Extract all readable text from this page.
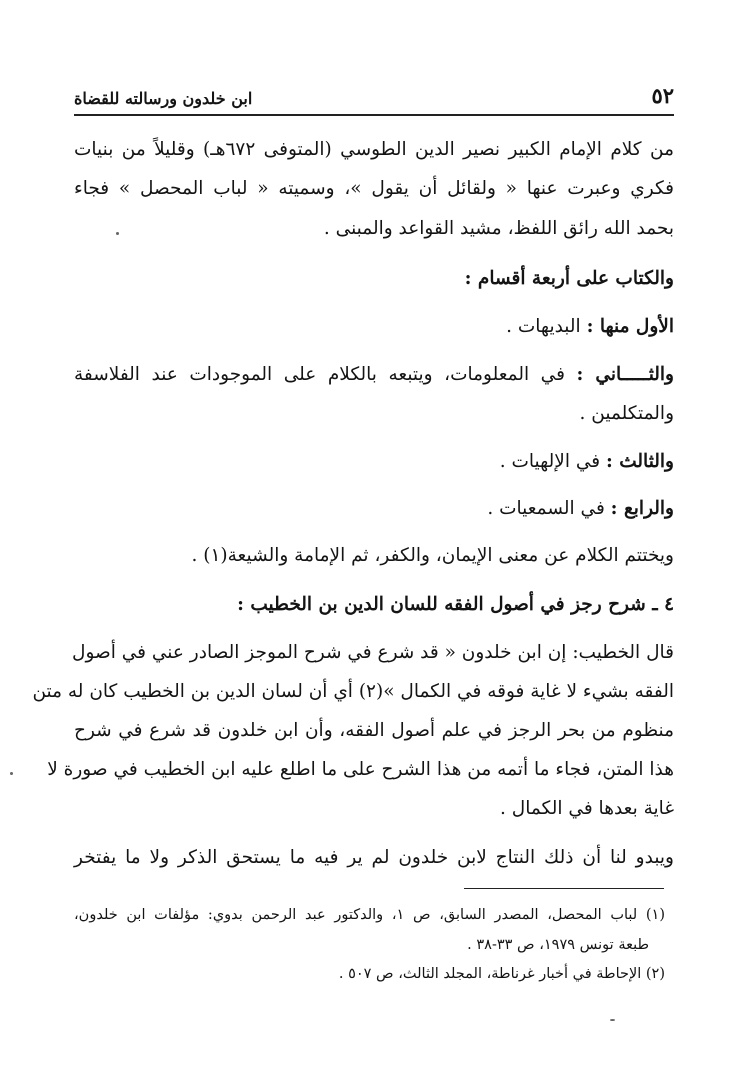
٥٢
ابن خلدون ورسالته للقضاة
من كلام الإمام الكبير نصير الدين الطوسي (المتوفى ٦٧٢هـ) وقليلاً من بنيات
فكري وعبرت عنها « ولقائل أن يقول »، وسميته « لباب المحصل » فجاء
بحمد الله رائق اللفظ، مشيد القواعد والمبنى .
والكتاب على أربعة أقسام :
الأول منها : البديهات .
والثـــــاني : في المعلومات، ويتبعه بالكلام على الموجودات عند الفلاسفة
والمتكلمين .
والثالث : في الإلهيات .
والرابع : في السمعيات .
ويختتم الكلام عن معنى الإيمان، والكفر، ثم الإمامة والشيعة(١) .
٤ ـ شرح رجز في أصول الفقه للسان الدين بن الخطيب :
قال الخطيب: إن ابن خلدون « قد شرع في شرح الموجز الصادر عني في أصول
الفقه بشيء لا غاية فوقه في الكمال »(٢) أي أن لسان الدين بن الخطيب كان له متن
منظوم من بحر الرجز في علم أصول الفقه، وأن ابن خلدون قد شرع في شرح
هذا المتن، فجاء ما أتمه من هذا الشرح على ما اطلع عليه ابن الخطيب في صورة لا
غاية بعدها في الكمال .
ويبدو لنا أن ذلك النتاج لابن خلدون لم ير فيه ما يستحق الذكر ولا ما يفتخر
(١) لباب المحصل، المصدر السابق، ص ١، والدكتور عبد الرحمن بدوي: مؤلفات ابن خلدون،
طبعة تونس ١٩٧٩، ص ٣٣-٣٨ .
(٢) الإحاطة في أخبار غرناطة، المجلد الثالث، ص ٥٠٧ .
